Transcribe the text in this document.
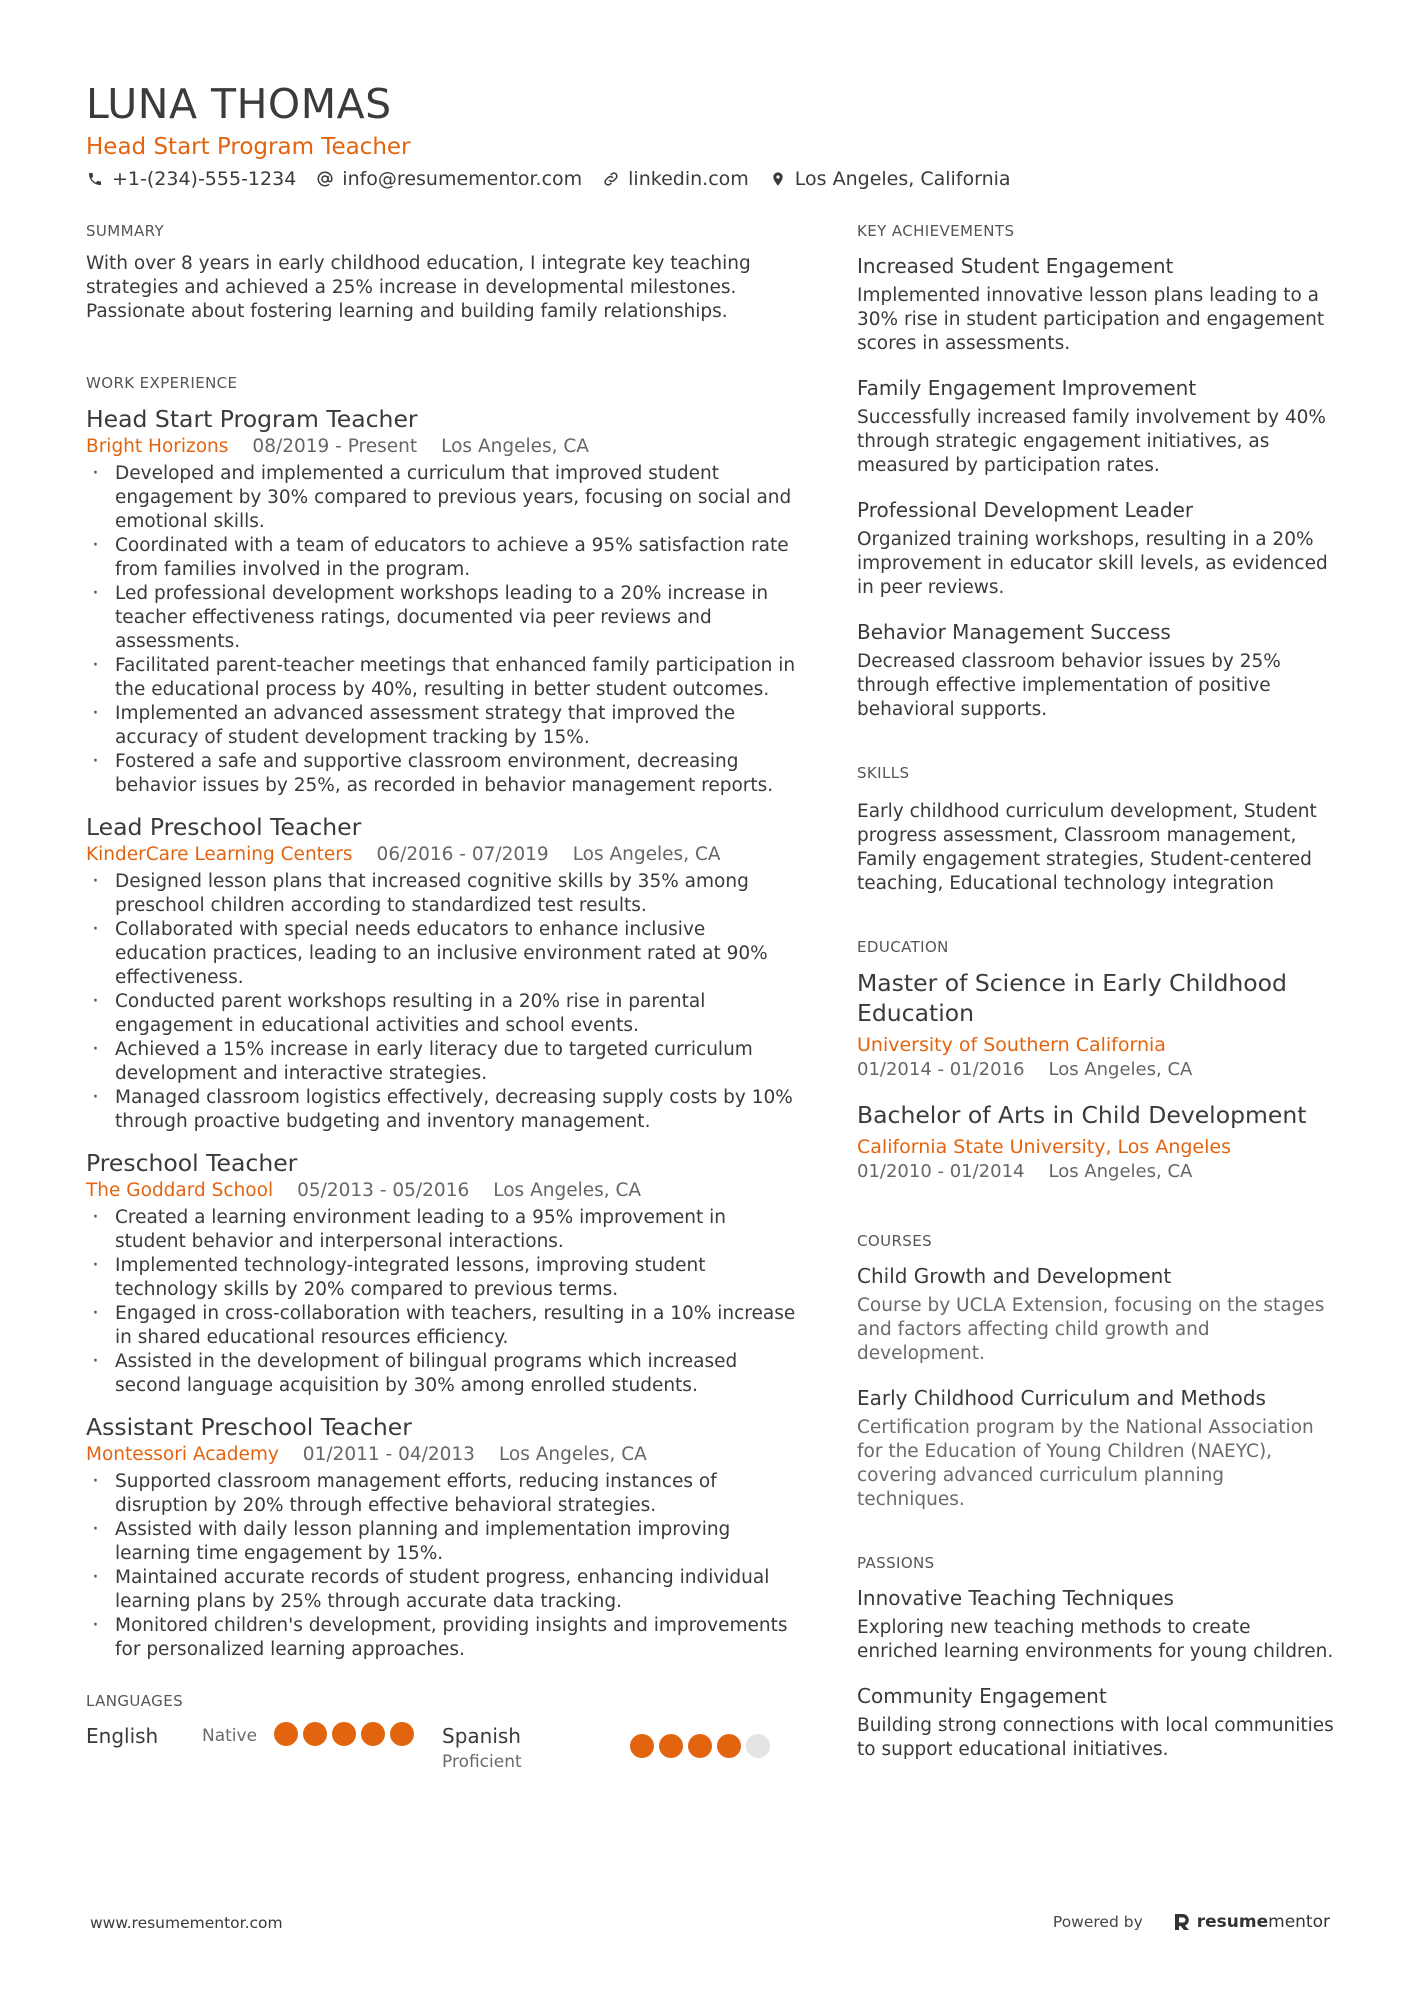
LUNA THOMAS
Head Start Program Teacher
+1-(234)-555-1234 info@resumementor.com linkedin.com Los Angeles, California
SUMMARY
With over 8 years in early childhood education, I integrate key teaching strategies and achieved a 25% increase in developmental milestones. Passionate about fostering learning and building family relationships.
WORK EXPERIENCE
Head Start Program Teacher
Bright Horizons 08/2019 - Present Los Angeles, CA
· Developed and implemented a curriculum that improved student engagement by 30% compared to previous years, focusing on social and emotional skills.
· Coordinated with a team of educators to achieve a 95% satisfaction rate from families involved in the program.
· Led professional development workshops leading to a 20% increase in teacher effectiveness ratings, documented via peer reviews and assessments.
· Facilitated parent-teacher meetings that enhanced family participation in the educational process by 40%, resulting in better student outcomes.
· Implemented an advanced assessment strategy that improved the accuracy of student development tracking by 15%.
· Fostered a safe and supportive classroom environment, decreasing behavior issues by 25%, as recorded in behavior management reports.
Lead Preschool Teacher
KinderCare Learning Centers 06/2016 - 07/2019 Los Angeles, CA
· Designed lesson plans that increased cognitive skills by 35% among preschool children according to standardized test results.
· Collaborated with special needs educators to enhance inclusive education practices, leading to an inclusive environment rated at 90% effectiveness.
· Conducted parent workshops resulting in a 20% rise in parental engagement in educational activities and school events.
· Achieved a 15% increase in early literacy due to targeted curriculum development and interactive strategies.
· Managed classroom logistics effectively, decreasing supply costs by 10% through proactive budgeting and inventory management.
Preschool Teacher
The Goddard School 05/2013 - 05/2016 Los Angeles, CA
· Created a learning environment leading to a 95% improvement in student behavior and interpersonal interactions.
· Implemented technology-integrated lessons, improving student technology skills by 20% compared to previous terms.
· Engaged in cross-collaboration with teachers, resulting in a 10% increase in shared educational resources efficiency.
· Assisted in the development of bilingual programs which increased second language acquisition by 30% among enrolled students.
Assistant Preschool Teacher
Montessori Academy 01/2011 - 04/2013 Los Angeles, CA
· Supported classroom management efforts, reducing instances of disruption by 20% through effective behavioral strategies.
· Assisted with daily lesson planning and implementation improving learning time engagement by 15%.
· Maintained accurate records of student progress, enhancing individual learning plans by 25% through accurate data tracking.
· Monitored children's development, providing insights and improvements for personalized learning approaches.
LANGUAGES
English	Native	Spanish
Proficient
KEY ACHIEVEMENTS
Increased Student Engagement
Implemented innovative lesson plans leading to a 30% rise in student participation and engagement scores in assessments.
Family Engagement Improvement
Successfully increased family involvement by 40% through strategic engagement initiatives, as measured by participation rates.
Professional Development Leader
Organized training workshops, resulting in a 20% improvement in educator skill levels, as evidenced in peer reviews.
Behavior Management Success
Decreased classroom behavior issues by 25% through effective implementation of positive behavioral supports.
SKILLS
Early childhood curriculum development, Student progress assessment, Classroom management, Family engagement strategies, Student-centered teaching, Educational technology integration
EDUCATION
Master of Science in Early Childhood Education
University of Southern California
01/2014 - 01/2016 Los Angeles, CA
Bachelor of Arts in Child Development
California State University, Los Angeles
01/2010 - 01/2014 Los Angeles, CA
COURSES
Child Growth and Development
Course by UCLA Extension, focusing on the stages and factors affecting child growth and development.
Early Childhood Curriculum and Methods
Certification program by the National Association for the Education of Young Children (NAEYC), covering advanced curriculum planning techniques.
PASSIONS
Innovative Teaching Techniques
Exploring new teaching methods to create enriched learning environments for young children.
Community Engagement
Building strong connections with local communities to support educational initiatives.
www.resumementor.com	Powered by	resume mentor
